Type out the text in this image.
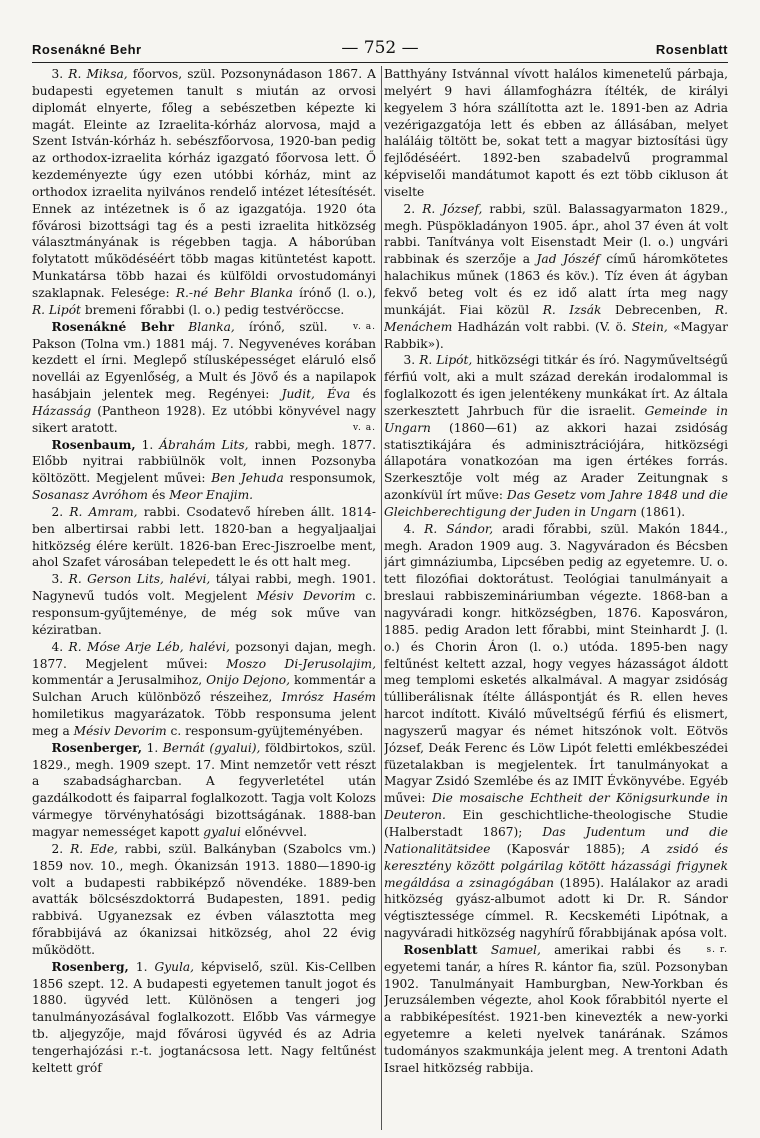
Rosenákné Behr	— 752 —	Rosenblatt

3. R. Miksa, főorvos, szül. Pozsonynádason 1867. A budapesti egyetemen tanult s miután az orvosi diplomát elnyerte, főleg a sebészetben képezte ki magát. Eleinte az Izraelita-kórház alorvosa, majd a Szent István-kórház h. sebészfőorvosa, 1920-ban pedig az orthodox-izraelita kórház igazgató főorvosa lett. Ő kezdeményezte úgy ezen utóbbi kórház, mint az orthodox izraelita nyilvános rendelő intézet létesítését. Ennek az intézetnek is ő az igazgatója. 1920 óta fővárosi bizottsági tag és a pesti izraelita hitközség választmányának is régebben tagja. A háborúban folytatott működéséért több magas kitüntetést kapott. Munkatársa több hazai és külföldi orvostudományi szaklapnak. Felesége: R.-né Behr Blanka írónő (l. o.), R. Lipót bremeni főrabbi (l. o.) pedig testvéröccse.
v. a.

Rosenákné Behr Blanka, írónő, szül. Pakson (Tolna vm.) 1881 máj. 7. Negyvenéves korában kezdett el írni. Meglepő stílusképességet eláruló első novellái az Egyenlőség, a Mult és Jövő és a napilapok hasábjain jelentek meg. Regényei: Judit, Éva és Házasság (Pantheon 1928). Ez utóbbi könyvével nagy sikert aratott.	v. a.

Rosenbaum, 1. Ábrahám Lits, rabbi, megh. 1877. Előbb nyitrai rabbiülnök volt, innen Pozsonyba költözött. Megjelent művei: Ben Jehuda responsumok, Sosanasz Avróhom és Meor Enajim.

2. R. Amram, rabbi. Csodatevő híreben állt. 1814-ben albertirsai rabbi lett. 1820-ban a hegyaljaaljai hitközség élére került. 1826-ban Erec-Jiszroelbe ment, ahol Szafet városában telepedett le és ott halt meg.

3. R. Gerson Lits, halévi, tályai rabbi, megh. 1901. Nagynevű tudós volt. Megjelent Mésiv Devorim c. responsum-gyűjteménye, de még sok műve van kéziratban.

4. R. Móse Arje Léb, halévi, pozsonyi dajan, megh. 1877. Megjelent művei: Moszo Di-Jerusolajim, kommentár a Jerusalmihoz, Onijo Dejono, kommentár a Sulchan Aruch különböző részeihez, Imrósz Hasém homiletikus magyarázatok. Több responsuma jelent meg a Mésiv Devorim c. responsum-gyüjteményében.

Rosenberger, 1. Bernát (gyalui), földbirtokos, szül. 1829., megh. 1909 szept. 17. Mint nemzetőr vett részt a szabadságharcban. A fegyverletétel után gazdálkodott és faiparral foglalkozott. Tagja volt Kolozs vármegye törvényhatósági bizottságának. 1888-ban magyar nemességet kapott gyalui előnévvel.

2. R. Ede, rabbi, szül. Balkányban (Szabolcs vm.) 1859 nov. 10., megh. Ókanizsán 1913. 1880—1890-ig volt a budapesti rabbiképző növendéke. 1889-ben avatták bölcsészdoktorrá Budapesten, 1891. pedig rabbivá. Ugyanezsak ez évben választotta meg főrabbijává az ókanizsai hitközség, ahol 22 évig működött.

Rosenberg, 1. Gyula, képviselő, szül. Kis-Cellben 1856 szept. 12. A budapesti egyetemen tanult jogot és 1880. ügyvéd lett. Különösen a tengeri jog tanulmányozásával foglalkozott. Előbb Vas vármegye tb. aljegyzője, majd fővárosi ügyvéd és az Adria tengerhajózási r.-t. jogtanácsosa lett. Nagy feltűnést keltett gróf

Batthyány Istvánnal vívott halálos kimenetelű párbaja, melyért 9 havi államfogházra ítélték, de királyi kegyelem 3 hóra szállította azt le. 1891-ben az Adria vezérigazgatója lett és ebben az állásában, melyet haláláig töltött be, sokat tett a magyar biztosítási ügy fejlődéséért. 1892-ben szabadelvű programmal képviselői mandátumot kapott és ezt több cikluson át viselte

2. R. József, rabbi, szül. Balassagyarmaton 1829., megh. Püspökladányon 1905. ápr., ahol 37 éven át volt rabbi. Tanítványa volt Eisenstadt Meir (l. o.) ungvári rabbinak és szerzője a Jad Jószéf című háromkötetes halachikus műnek (1863 és köv.). Tíz éven át ágyban fekvő beteg volt és ez idő alatt írta meg nagy munkáját. Fiai közül R. Izsák Debrecenben, R. Menáchem Hadházán volt rabbi. (V. ö. Stein, «Magyar Rabbik»).

3. R. Lipót, hitközségi titkár és író. Nagyműveltségű férfiú volt, aki a mult század derekán irodalommal is foglalkozott és igen jelentékeny munkákat írt. Az általa szerkesztett Jahrbuch für die israelit. Gemeinde in Ungarn (1860—61) az akkori hazai zsidóság statisztikájára és adminisztrációjára, hitközségi állapotára vonatkozóan ma igen értékes forrás. Szerkesztője volt még az Arader Zeitungnak s azonkívül írt műve: Das Gesetz vom Jahre 1848 und die Gleichberechtigung der Juden in Ungarn (1861).

4. R. Sándor, aradi főrabbi, szül. Makón 1844., megh. Aradon 1909 aug. 3. Nagyváradon és Bécsben járt gimnáziumba, Lipcsében pedig az egyetemre. U. o. tett filozófiai doktorátust. Teológiai tanulmányait a breslaui rabbiszemináriumban végezte. 1868-ban a nagyváradi kongr. hitközségben, 1876. Kaposváron, 1885. pedig Aradon lett főrabbi, mint Steinhardt J. (l. o.) és Chorin Áron (l. o.) utóda. 1895-ben nagy feltűnést keltett azzal, hogy vegyes házasságot áldott meg templomi esketés alkalmával. A magyar zsidóság túlliberálisnak ítélte álláspontját és R. ellen heves harcot indított. Kiváló műveltségű férfiú és elismert, nagyszerű magyar és német hitszónok volt. Eötvös József, Deák Ferenc és Löw Lipót feletti emlékbeszédei füzetalakban is megjelentek. Írt tanulmányokat a Magyar Zsidó Szemlébe és az IMIT Évkönyvébe. Egyéb művei: Die mosaische Echtheit der Königsurkunde in Deuteron. Ein geschichtliche-theologische Studie (Halberstadt 1867); Das Judentum und die Nationalitätsidee (Kaposvár 1885); A zsidó és keresztény között polgárilag kötött házassági frigynek megáldása a zsinagógában (1895). Halálakor az aradi hitközség gyász-albumot adott ki Dr. R. Sándor végtisztessége címmel. R. Kecskeméti Lipótnak, a nagyváradi hitközség nagyhírű főrabbijának apósa volt.
s. r.

Rosenblatt Samuel, amerikai rabbi és egyetemi tanár, a híres R. kántor fia, szül. Pozsonyban 1902. Tanulmányait Hamburgban, New-Yorkban és Jeruzsálemben végezte, ahol Kook főrabbitól nyerte el a rabbiképesítést. 1921-ben kinevezték a new-yorki egyetemre a keleti nyelvek tanárának. Számos tudományos szakmunkája jelent meg. A trentoni Adath Israel hitközség rabbija.
